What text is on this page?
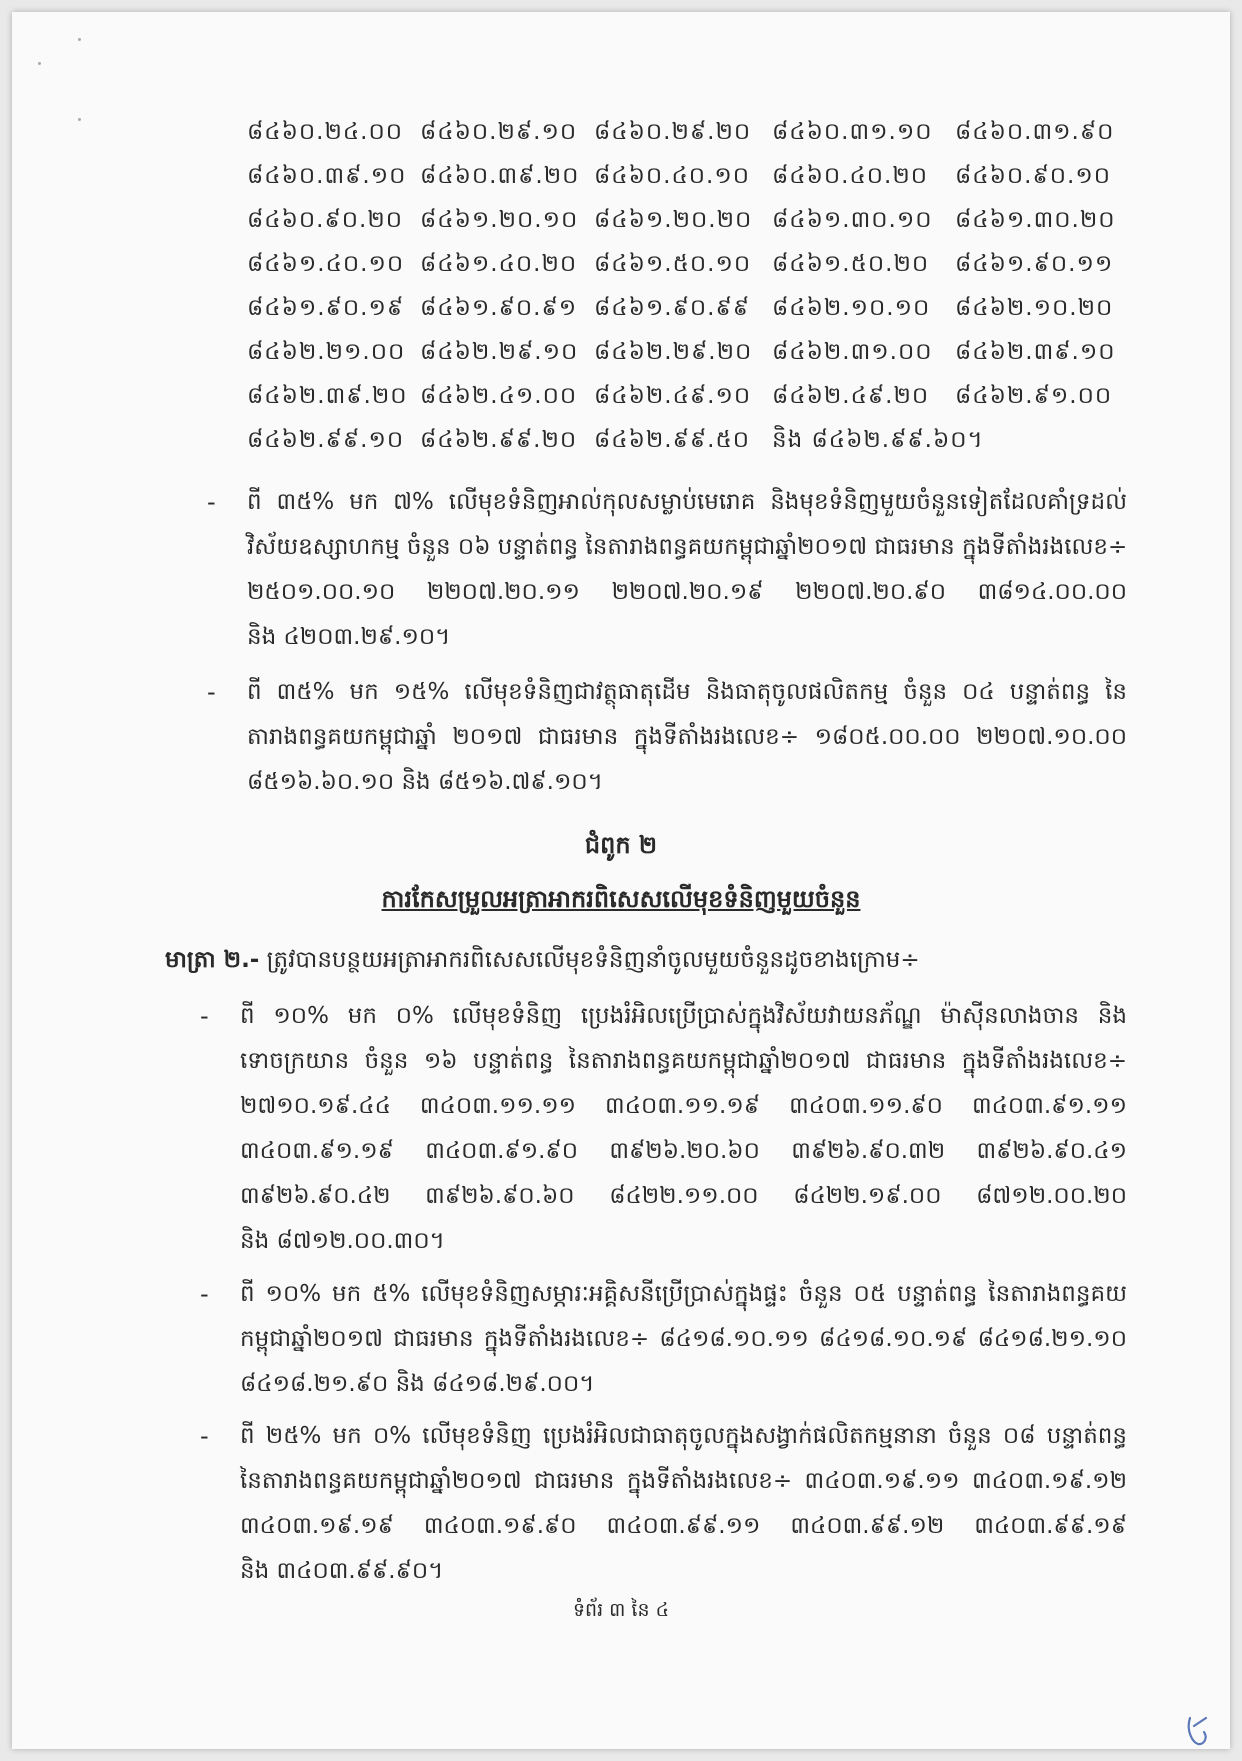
៨៤៦០.២៤.០០ ៨៤៦០.២៩.១០ ៨៤៦០.២៩.២០ ៨៤៦០.៣១.១០ ៨៤៦០.៣១.៩០
៨៤៦០.៣៩.១០ ៨៤៦០.៣៩.២០ ៨៤៦០.៤០.១០ ៨៤៦០.៤០.២០	៨៤៦០.៩០.១០
៨៤៦០.៩០.២០ ៨៤៦១.២០.១០ ៨៤៦១.២០.២០ ៨៤៦១.៣០.១០ ៨៤៦១.៣០.២០
៨៤៦១.៤០.១០ ៨៤៦១.៤០.២០ ៨៤៦១.៥០.១០ ៨៤៦១.៥០.២០	៨៤៦១.៩០.១១
៨៤៦១.៩០.១៩ ៨៤៦១.៩០.៩១ ៨៤៦១.៩០.៩៩ ៨៤៦២.១០.១០	៨៤៦២.១០.២០
៨៤៦២.២១.០០ ៨៤៦២.២៩.១០ ៨៤៦២.២៩.២០ ៨៤៦២.៣១.០០ ៨៤៦២.៣៩.១០
៨៤៦២.៣៩.២០ ៨៤៦២.៤១.០០ ៨៤៦២.៤៩.១០ ៨៤៦២.៤៩.២០	៨៤៦២.៩១.០០
៨៤៦២.៩៩.១០ ៨៤៦២.៩៩.២០ ៨៤៦២.៩៩.៥០ និង ៨៤៦២.៩៩.៦០។
-	ពី ៣៥% មក ៧% លើមុខទំនិញអាល់កុលសម្លាប់មេរោគ និងមុខទំនិញមួយចំនួនទៀតដែលគាំទ្រដល់
វិស័យឧស្សាហកម្ម ចំនួន ០៦ បន្ទាត់ពន្ធ នៃតារាងពន្ធគយកម្ពុជាឆ្នាំ២០១៧ ជាធរមាន ក្នុងទីតាំងរងលេខ÷
២៥០១.០០.១០ ២២០៧.២០.១១ ២២០៧.២០.១៩ ២២០៧.២០.៩០ ៣៨១៤.០០.០០
និង ៤២០៣.២៩.១០។
-	ពី ៣៥% មក ១៥% លើមុខទំនិញជាវត្ថុធាតុដើម និងធាតុចូលផលិតកម្ម ចំនួន ០៤ បន្ទាត់ពន្ធ នៃ
តារាងពន្ធគយកម្ពុជាឆ្នាំ ២០១៧ ជាធរមាន ក្នុងទីតាំងរងលេខ÷ ១៨០៥.០០.០០ ២២០៧.១០.០០
៨៥១៦.៦០.១០ និង ៨៥១៦.៧៩.១០។
ជំពូក ២
ការកែសម្រួលអត្រាអាករពិសេសលើមុខទំនិញមួយចំនួន
មាត្រា ២.- ត្រូវបានបន្ថយអត្រាអាករពិសេសលើមុខទំនិញនាំចូលមួយចំនួនដូចខាងក្រោម÷
-	ពី ១០% មក ០% លើមុខទំនិញ ប្រេងរំអិលប្រើប្រាស់ក្នុងវិស័យវាយនភ័ណ្ឌ ម៉ាស៊ីនលាងចាន និង
ទោចក្រយាន ចំនួន ១៦ បន្ទាត់ពន្ធ នៃតារាងពន្ធគយកម្ពុជាឆ្នាំ២០១៧ ជាធរមាន ក្នុងទីតាំងរងលេខ÷
២៧១០.១៩.៤៤ ៣៤០៣.១១.១១ ៣៤០៣.១១.១៩ ៣៤០៣.១១.៩០ ៣៤០៣.៩១.១១
៣៤០៣.៩១.១៩ ៣៤០៣.៩១.៩០ ៣៩២៦.២០.៦០ ៣៩២៦.៩០.៣២ ៣៩២៦.៩០.៤១
៣៩២៦.៩០.៤២ ៣៩២៦.៩០.៦០ ៨៤២២.១១.០០ ៨៤២២.១៩.០០ ៨៧១២.០០.២០
និង ៨៧១២.០០.៣០។
-	ពី ១០% មក ៥% លើមុខទំនិញសម្ភារៈអគ្គិសនីប្រើប្រាស់ក្នុងផ្ទះ ចំនួន ០៥ បន្ទាត់ពន្ធ នៃតារាងពន្ធគយ
កម្ពុជាឆ្នាំ២០១៧ ជាធរមាន ក្នុងទីតាំងរងលេខ÷ ៨៤១៨.១០.១១ ៨៤១៨.១០.១៩ ៨៤១៨.២១.១០
៨៤១៨.២១.៩០ និង ៨៤១៨.២៩.០០។
-	ពី ២៥% មក ០% លើមុខទំនិញ ប្រេងរំអិលជាធាតុចូលក្នុងសង្វាក់ផលិតកម្មនានា ចំនួន ០៨ បន្ទាត់ពន្ធ
នៃតារាងពន្ធគយកម្ពុជាឆ្នាំ២០១៧ ជាធរមាន ក្នុងទីតាំងរងលេខ÷ ៣៤០៣.១៩.១១ ៣៤០៣.១៩.១២
៣៤០៣.១៩.១៩ ៣៤០៣.១៩.៩០ ៣៤០៣.៩៩.១១ ៣៤០៣.៩៩.១២ ៣៤០៣.៩៩.១៩
និង ៣៤០៣.៩៩.៩០។
ទំព័រ ៣ នៃ ៤
